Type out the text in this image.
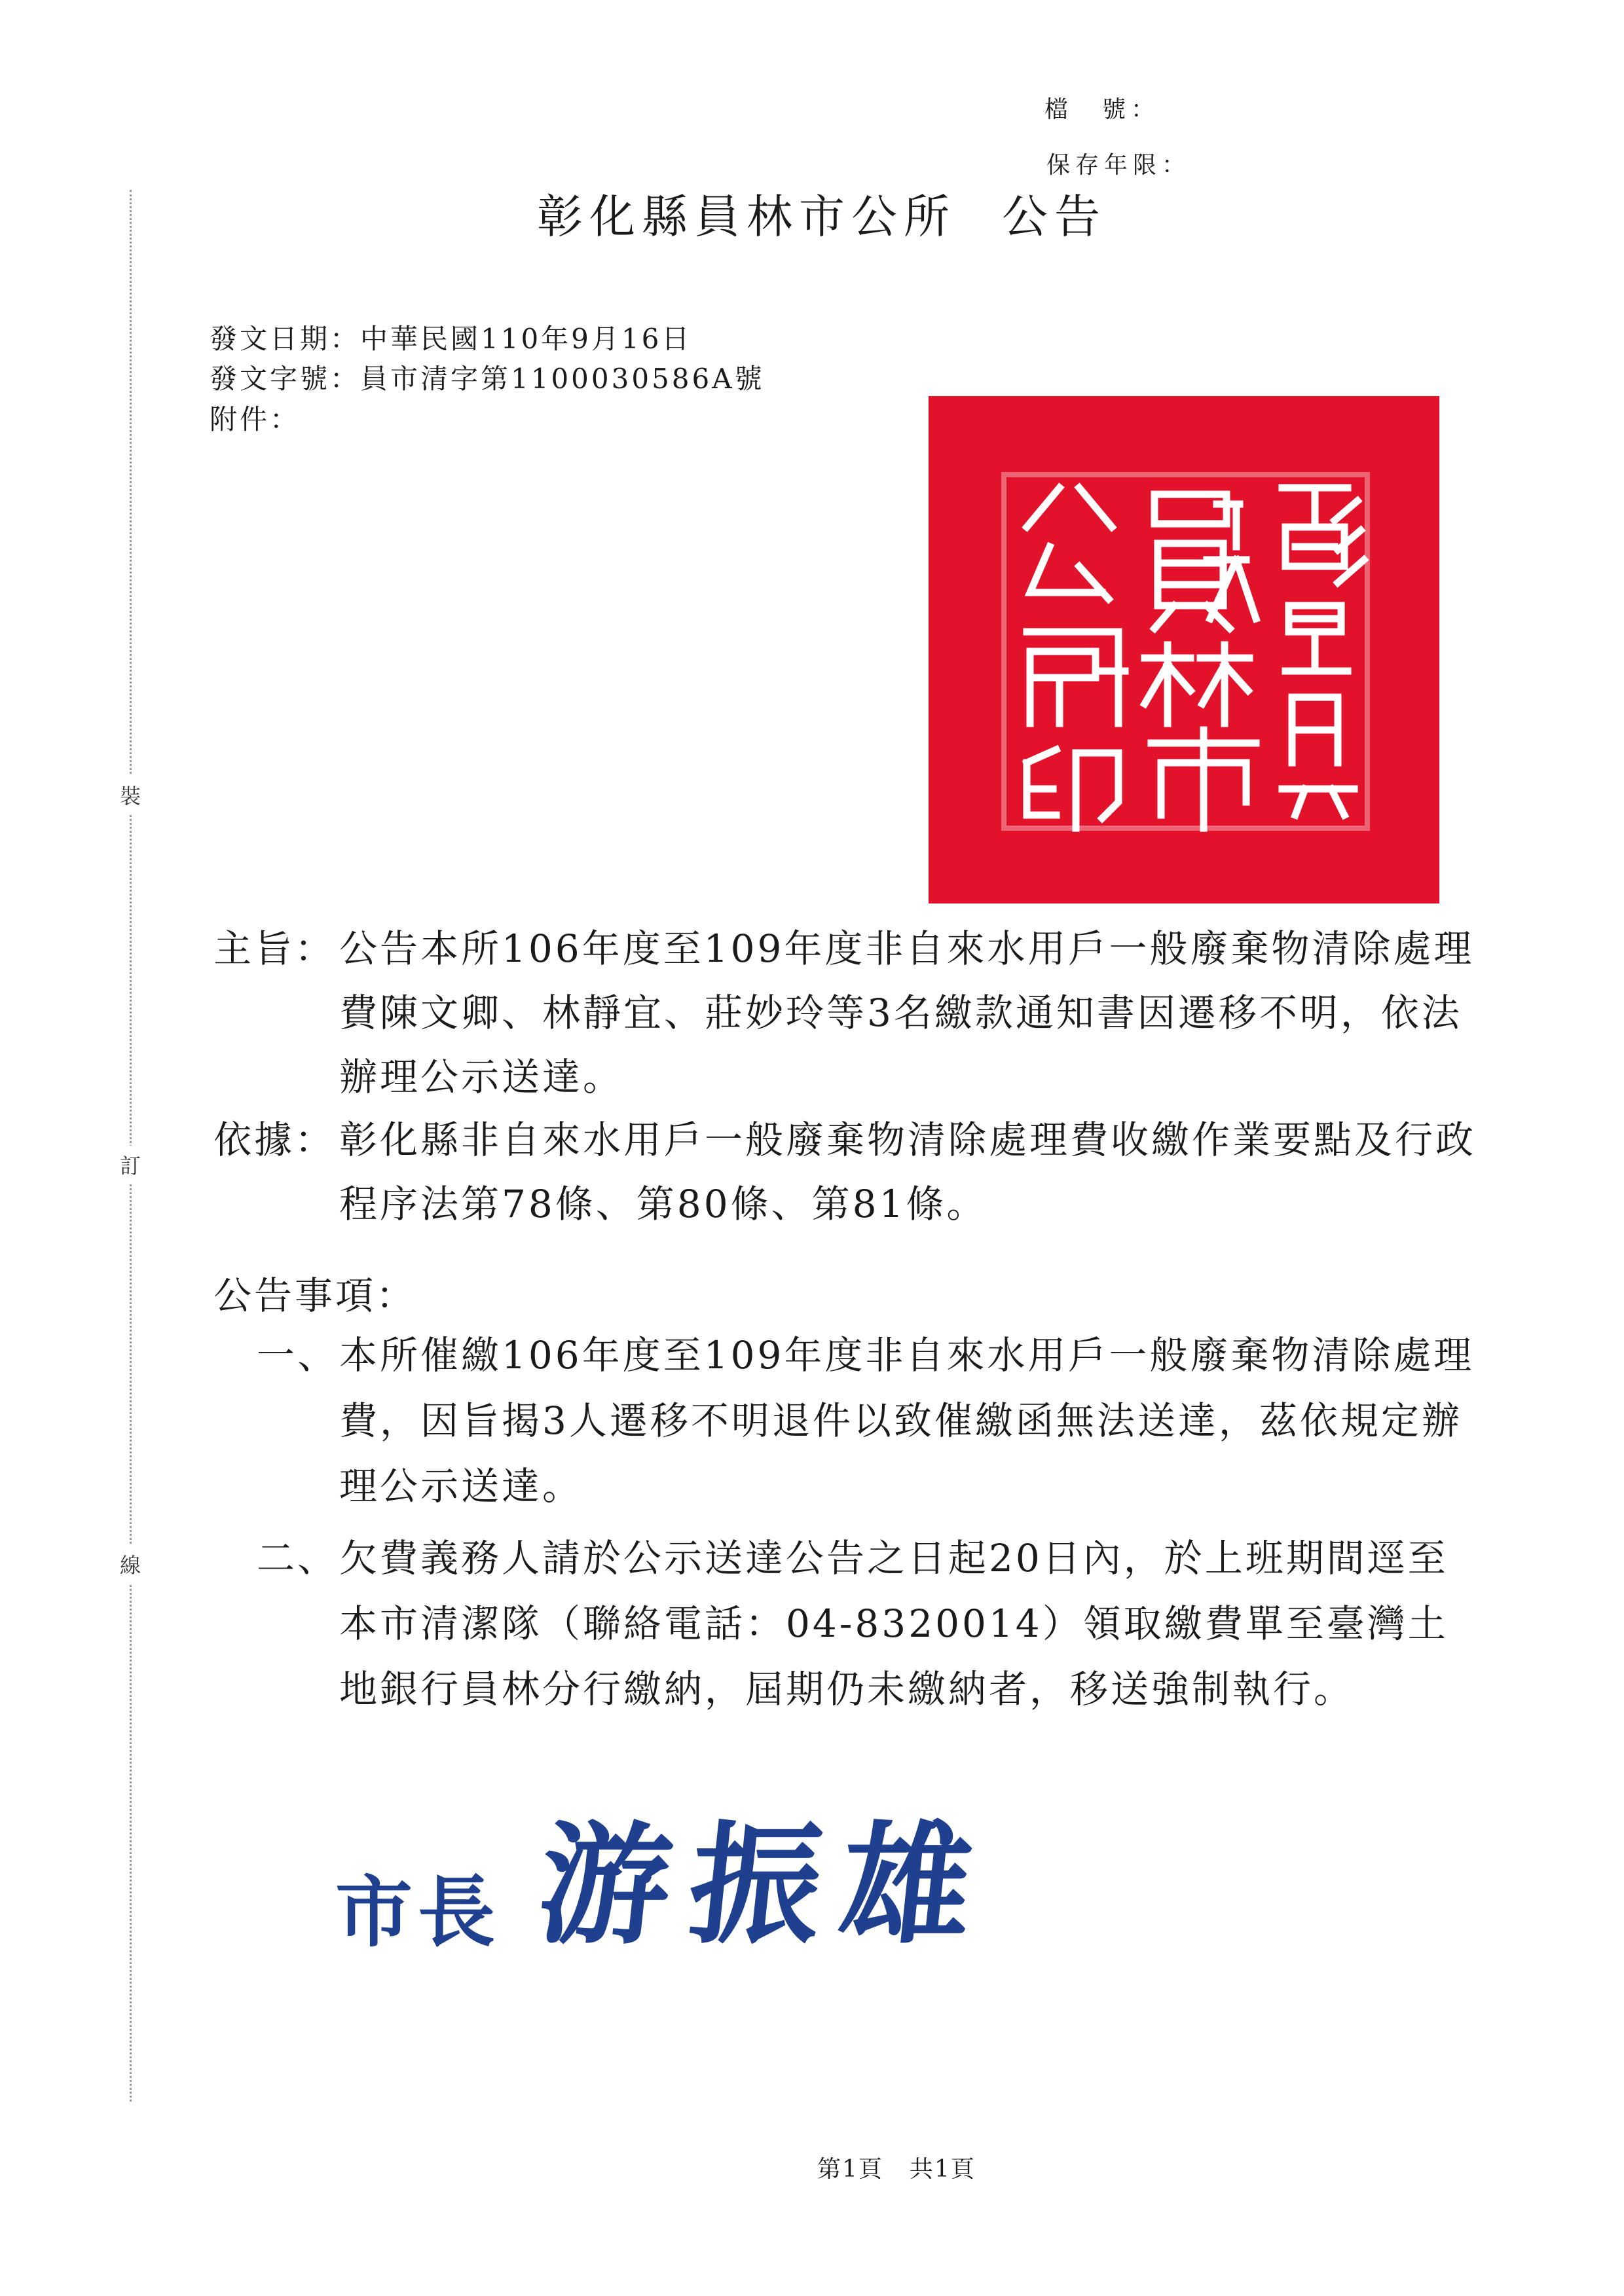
檔　號：
保存年限：
裝
訂
線
彰化縣員林市公所 公告
發文日期：中華民國110年9月16日
發文字號：員市清字第1100030586A號
附件：
主旨： 公告本所106年度至109年度非自來水用戶一般廢棄物清除處理費陳文卿、林靜宜、莊妙玲等3名繳款通知書因遷移不明，依法辦理公示送達。
依據： 彰化縣非自來水用戶一般廢棄物清除處理費收繳作業要點及行政程序法第78條、第80條、第81條。
公告事項：
一、 本所催繳106年度至109年度非自來水用戶一般廢棄物清除處理費，因旨揭3人遷移不明退件以致催繳函無法送達，茲依規定辦理公示送達。
二、 欠費義務人請於公示送達公告之日起20日內，於上班期間逕至本市清潔隊（聯絡電話：04-8320014）領取繳費單至臺灣土地銀行員林分行繳納，屆期仍未繳納者，移送強制執行。
市長 游振雄
第1頁 共1頁
